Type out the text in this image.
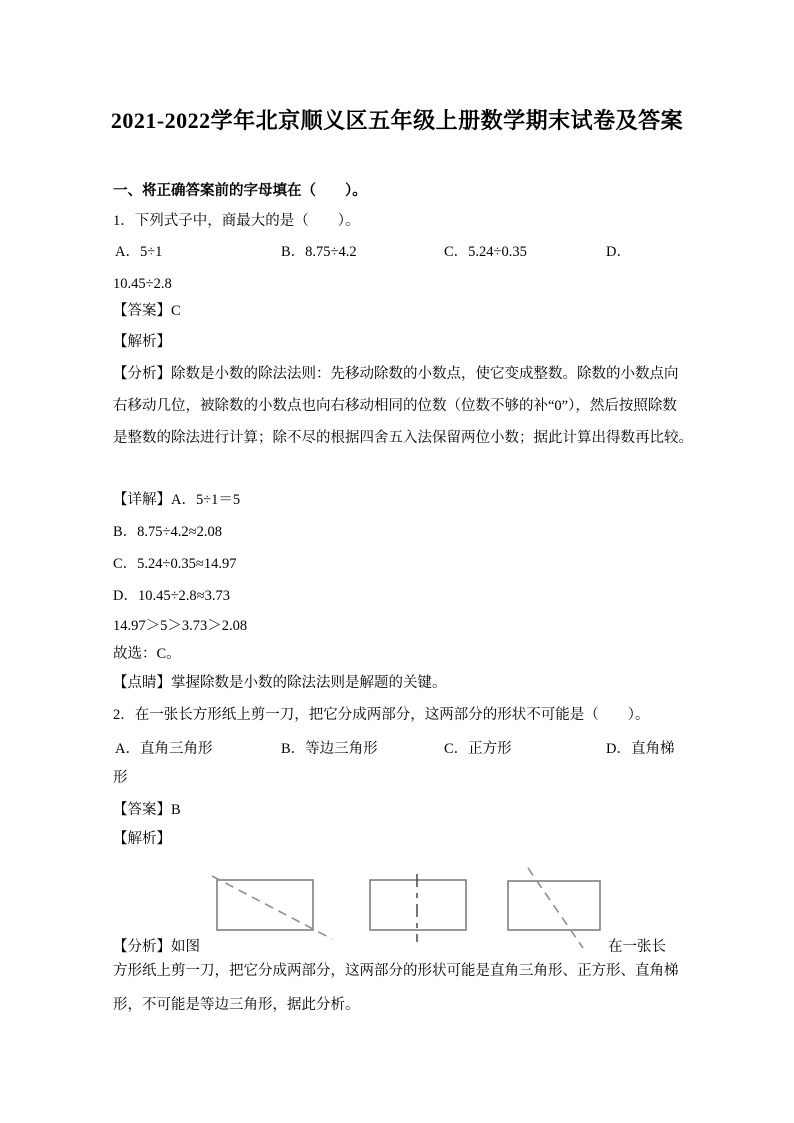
2021-2022学年北京顺义区五年级上册数学期末试卷及答案
一、将正确答案前的字母填在（　　）。
1．下列式子中，商最大的是（　　）。
A．5÷1	B．8.75÷4.2	C．5.24÷0.35	D．
10.45÷2.8
【答案】C
【解析】
【分析】除数是小数的除法法则：先移动除数的小数点，使它变成整数。除数的小数点向
右移动几位，被除数的小数点也向右移动相同的位数（位数不够的补“0”），然后按照除数
是整数的除法进行计算；除不尽的根据四舍五入法保留两位小数；据此计算出得数再比较。
【详解】A．5÷1＝5
B．8.75÷4.2≈2.08
C．5.24÷0.35≈14.97
D．10.45÷2.8≈3.73
14.97＞5＞3.73＞2.08
故选：C。
【点睛】掌握除数是小数的除法法则是解题的关键。
2．在一张长方形纸上剪一刀，把它分成两部分，这两部分的形状不可能是（　　）。
A．直角三角形	B．等边三角形	C．正方形	D．直角梯
形
【答案】B
【解析】
【分析】如图	在一张长
方形纸上剪一刀，把它分成两部分，这两部分的形状可能是直角三角形、正方形、直角梯
形，不可能是等边三角形，据此分析。
